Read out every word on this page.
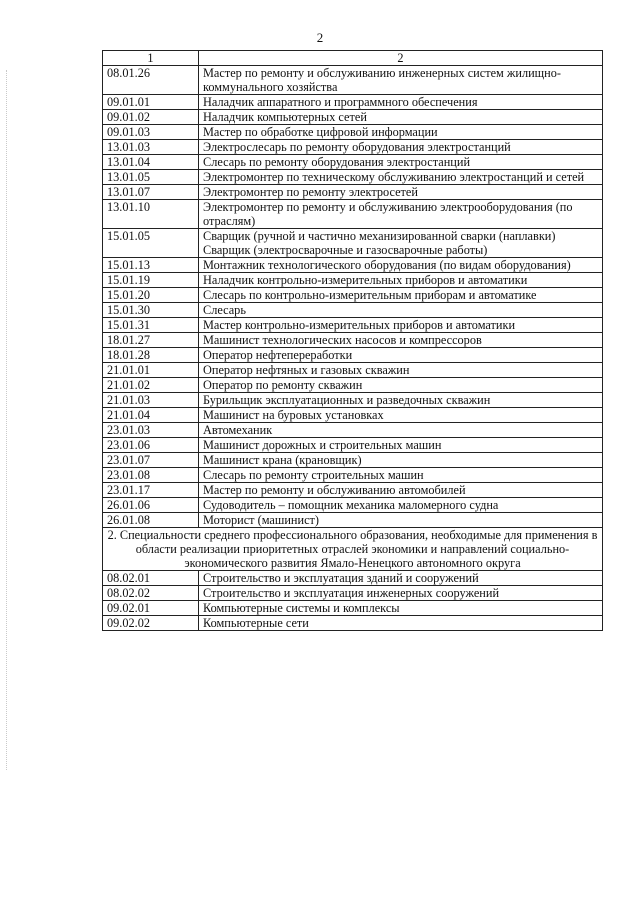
2
1	2
08.01.26	Мастер по ремонту и обслуживанию инженерных систем жилищно-коммунального хозяйства

09.01.01	Наладчик аппаратного и программного обеспечения

09.01.02	Наладчик компьютерных сетей

09.01.03	Мастер по обработке цифровой информации

13.01.03	Электрослесарь по ремонту оборудования электростанций

13.01.04	Слесарь по ремонту оборудования электростанций

13.01.05	Электромонтер по техническому обслуживанию электростанций и сетей

13.01.07	Электромонтер по ремонту электросетей

13.01.10	Электромонтер по ремонту и обслуживанию электрооборудования (по отраслям)

15.01.05	Сварщик (ручной и частично механизированной сварки (наплавки)
Сварщик (электросварочные и газосварочные работы)

15.01.13	Монтажник технологического оборудования (по видам оборудования)

15.01.19	Наладчик контрольно-измерительных приборов и автоматики

15.01.20	Слесарь по контрольно-измерительным приборам и автоматике

15.01.30	Слесарь

15.01.31	Мастер контрольно-измерительных приборов и автоматики

18.01.27	Машинист технологических насосов и компрессоров

18.01.28	Оператор нефтепереработки

21.01.01	Оператор нефтяных и газовых скважин

21.01.02	Оператор по ремонту скважин

21.01.03	Бурильщик эксплуатационных и разведочных скважин

21.01.04	Машинист на буровых установках

23.01.03	Автомеханик

23.01.06	Машинист дорожных и строительных машин

23.01.07	Машинист крана (крановщик)

23.01.08	Слесарь по ремонту строительных машин

23.01.17	Мастер по ремонту и обслуживанию автомобилей

26.01.06	Судоводитель – помощник механика маломерного судна

26.01.08	Моторист (машинист)

2. Специальности среднего профессионального образования, необходимые для применения в области реализации приоритетных отраслей экономики и направлений социально-экономического развития Ямало-Ненецкого автономного округа	
08.02.01	Строительство и эксплуатация зданий и сооружений

08.02.02	Строительство и эксплуатация инженерных сооружений

09.02.01	Компьютерные системы и комплексы

09.02.02	Компьютерные сети
